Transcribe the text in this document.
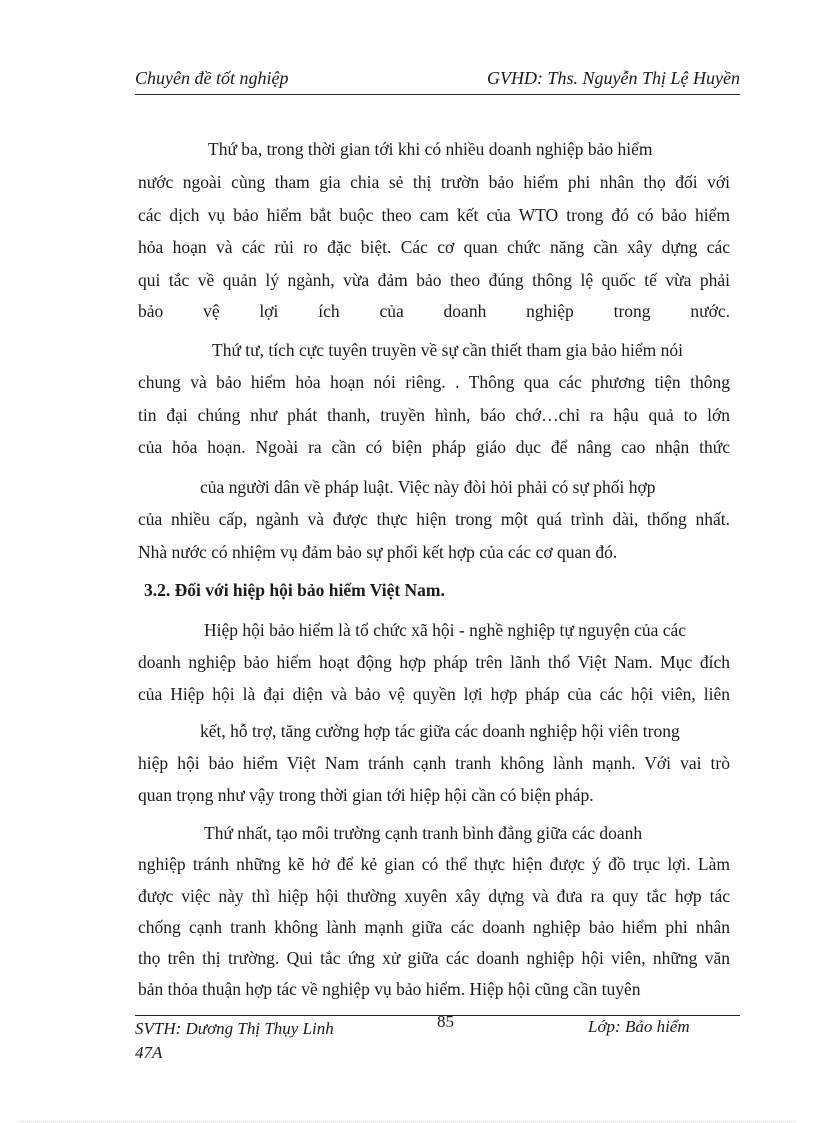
Chuyên đề tốt nghiệp	GVHD: Ths. Nguyễn Thị Lệ Huyền
Thứ ba, trong thời gian tới khi có nhiều doanh nghiệp bảo hiểm
nước ngoài cùng tham gia chia sẻ thị trườn bảo hiểm phi nhân thọ đối với
các dịch vụ bảo hiểm bắt buộc theo cam kết của WTO trong đó có bảo hiểm
hỏa hoạn và các rủi ro đặc biệt. Các cơ quan chức năng cần xây dựng các
qui tắc về quản lý ngành, vừa đảm bảo theo đúng thông lệ quốc tế vừa phải
bảo vệ lợi ích của doanh nghiệp trong nước.
Thứ tư, tích cực tuyên truyền về sự cần thiết tham gia bảo hiểm nói
chung và bảo hiểm hỏa hoạn nói riêng. . Thông qua các phương tiện thông
tin đại chúng như phát thanh, truyền hình, báo chớ…chỉ ra hậu quả to lớn
của hỏa hoạn. Ngoài ra cần có biện pháp giáo dục để nâng cao nhận thức
của người dân về pháp luật. Việc này đòi hỏi phải có sự phối hợp
của nhiều cấp, ngành và được thực hiện trong một quá trình dài, thống nhất.
Nhà nước có nhiệm vụ đảm bảo sự phối kết hợp của các cơ quan đó.
3.2. Đối với hiệp hội bảo hiểm Việt Nam.
Hiệp hội bảo hiểm là tổ chức xã hội - nghề nghiệp tự nguyện của các
doanh nghiệp bảo hiểm hoạt động hợp pháp trên lãnh thổ Việt Nam. Mục đích
của Hiệp hội là đại diện và bảo vệ quyền lợi hợp pháp của các hội viên, liên
kết, hỗ trợ, tăng cường hợp tác giữa các doanh nghiệp hội viên trong
hiệp hội bảo hiểm Việt Nam tránh cạnh tranh không lành mạnh. Với vai trò
quan trọng như vậy trong thời gian tới hiệp hội cần có biện pháp.
Thứ nhất, tạo môi trường cạnh tranh bình đẳng giữa các doanh
nghiệp tránh những kẽ hở để kẻ gian có thể thực hiện được ý đồ trục lợi. Làm
được việc này thì hiệp hội thường xuyên xây dựng và đưa ra quy tắc hợp tác
chống cạnh tranh không lành mạnh giữa các doanh nghiệp bảo hiểm phi nhân
thọ trên thị trường. Qui tắc ứng xử giữa các doanh nghiệp hội viên, những văn
bản thỏa thuận hợp tác về nghiệp vụ bảo hiểm. Hiệp hội cũng cần tuyên
SVTH: Dương Thị Thụy Linh
47A
85	Lớp: Bảo hiểm
